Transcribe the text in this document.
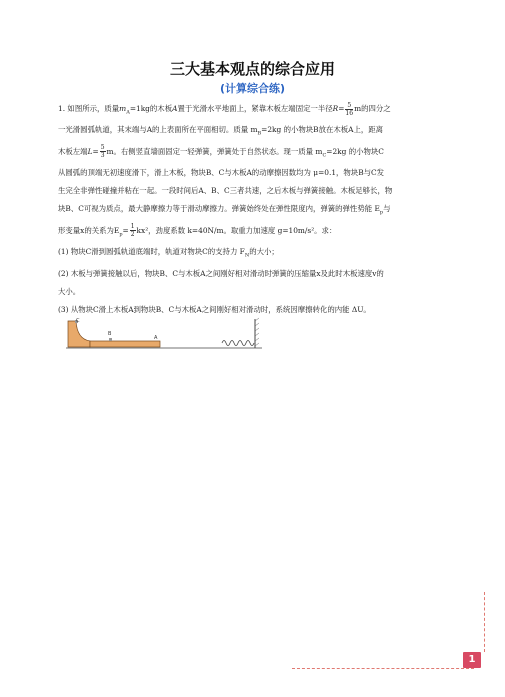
三大基本观点的综合应用
(计算综合练)

1. 如图所示，质量$m_A=1kg$的木板A置于光滑水平地面上，紧靠木板左端固定一半径$R= \frac{5}{16}$ m的四分之

一光滑圆弧轨道，其末端与A的上表面所在平面相切。质量 $m_B=2kg$ 的小物块B放在木板A上，距离

木板左端$L= \frac{5}{3}$ m。右侧竖直墙面固定一轻弹簧，弹簧处于自然状态。现一质量 $m_C=2kg$ 的小物块C

从圆弧的顶端无初速度滑下，滑上木板，物块B、C与木板A的动摩擦因数均为 μ=0.1，物块B与C发

生完全非弹性碰撞并粘在一起。一段时间后A、B、C三者共速，之后木板与弹簧接触。木板足够长，物

块B、C可视为质点，最大静摩擦力等于滑动摩擦力。弹簧始终处在弹性限度内，弹簧的弹性势能 $E_p$与

形变量x的关系为$E_p= \frac{1}{2} kx^2$，劲度系数 k=40N/m。取重力加速度 g=10m/s²。求：

(1) 物块C滑到圆弧轨道底端时，轨道对物块C的支持力 $F_N$的大小；

(2) 木板与弹簧接触以后，物块B、C与木板A之间刚好相对滑动时弹簧的压缩量x及此时木板速度v的

大小。

(3) 从物块C滑上木板A到物块B、C与木板A之间刚好相对滑动时，系统因摩擦转化的内能 ΔU。

C
B
A
1
